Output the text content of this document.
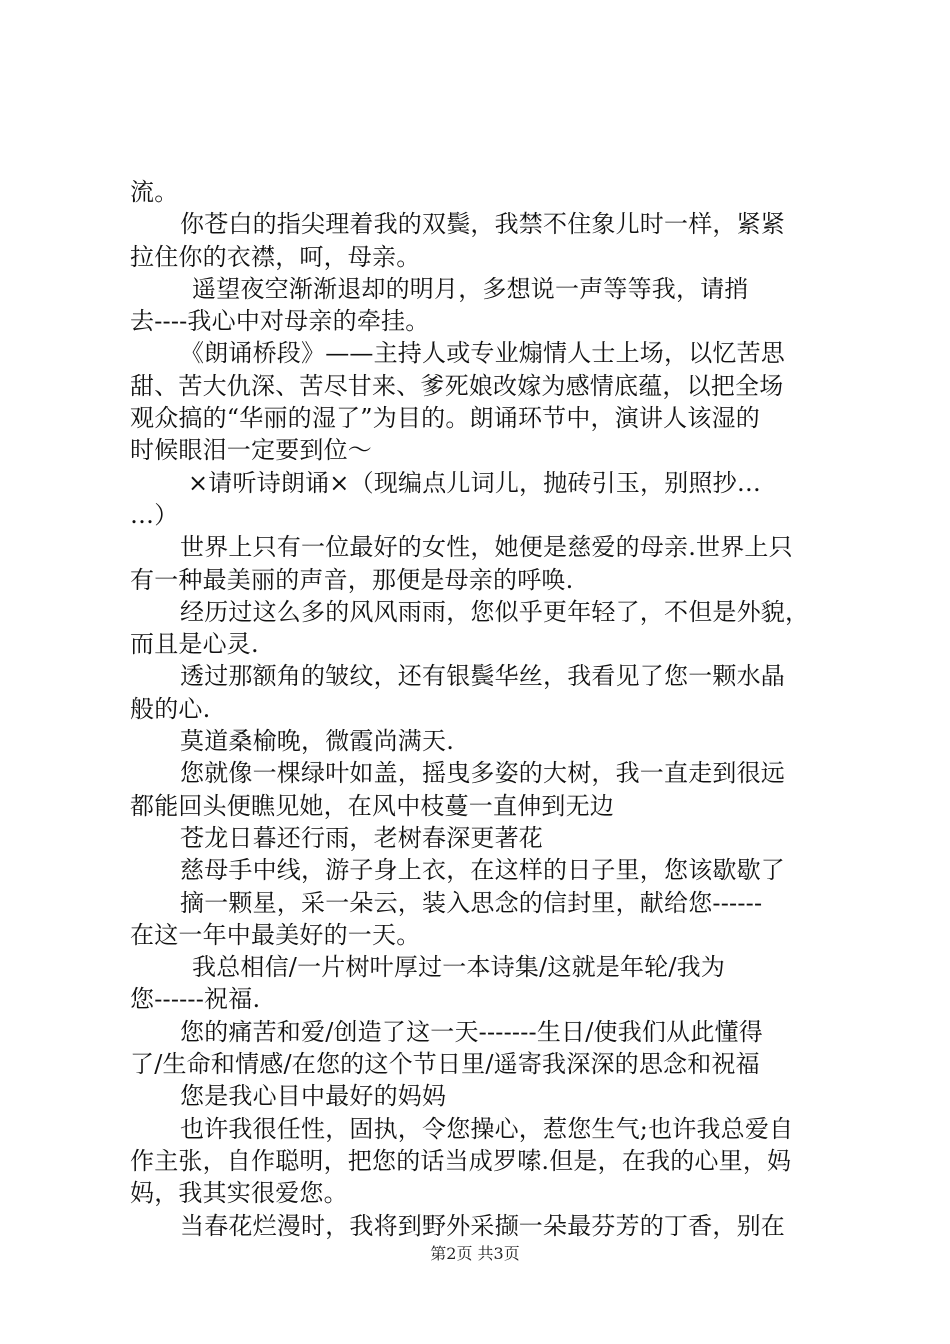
流。
你苍白的指尖理着我的双鬓，我禁不住象儿时一样，紧紧
拉住你的衣襟，呵，母亲。
遥望夜空渐渐退却的明月，多想说一声等等我，请捎
去----我心中对母亲的牵挂。
《朗诵桥段》——主持人或专业煽情人士上场，以忆苦思
甜、苦大仇深、苦尽甘来、爹死娘改嫁为感情底蕴，以把全场
观众搞的“华丽的湿了”为目的。朗诵环节中，演讲人该湿的
时候眼泪一定要到位～
×请听诗朗诵×（现编点儿词儿，抛砖引玉，别照抄…
…）
世界上只有一位最好的女性，她便是慈爱的母亲.世界上只
有一种最美丽的声音，那便是母亲的呼唤.
经历过这么多的风风雨雨，您似乎更年轻了，不但是外貌，
而且是心灵.
透过那额角的皱纹，还有银鬓华丝，我看见了您一颗水晶
般的心.
莫道桑榆晚，微霞尚满天.
您就像一棵绿叶如盖，摇曳多姿的大树，我一直走到很远
都能回头便瞧见她，在风中枝蔓一直伸到无边
苍龙日暮还行雨，老树春深更著花
慈母手中线，游子身上衣，在这样的日子里，您该歇歇了
摘一颗星，采一朵云，装入思念的信封里，献给您------
在这一年中最美好的一天。
我总相信/一片树叶厚过一本诗集/这就是年轮/我为
您------祝福.
您的痛苦和爱/创造了这一天-------生日/使我们从此懂得
了/生命和情感/在您的这个节日里/遥寄我深深的思念和祝福
您是我心目中最好的妈妈
也许我很任性，固执，令您操心，惹您生气;也许我总爱自
作主张，自作聪明，把您的话当成罗嗦.但是，在我的心里，妈
妈，我其实很爱您。
当春花烂漫时，我将到野外采撷一朵最芬芳的丁香，别在
第2页 共3页
